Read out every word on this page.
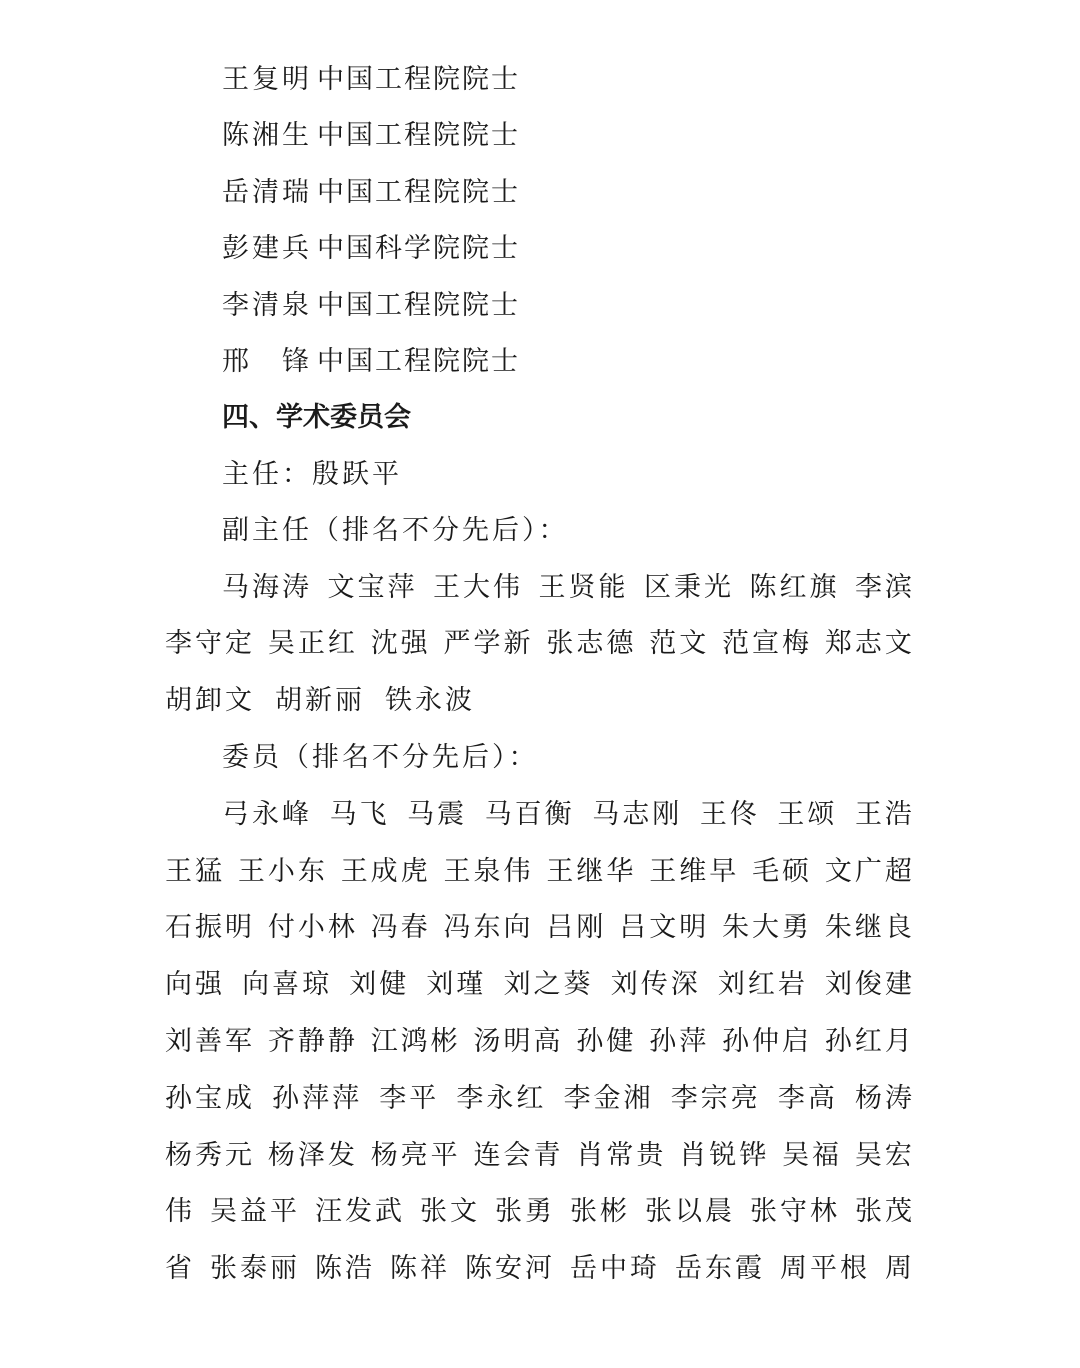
王复明 中国工程院院士
陈湘生 中国工程院院士
岳清瑞 中国工程院院士
彭建兵 中国科学院院士
李清泉 中国工程院院士
邢　锋 中国工程院院士
四、学术委员会
主任：殷跃平
副主任（排名不分先后）：
马海涛 文宝萍 王大伟 王贤能 区秉光 陈红旗 李滨
李守定 吴正红 沈强 严学新 张志德 范文 范宣梅 郑志文
胡卸文 胡新丽 铁永波
委员（排名不分先后）：
弓永峰 马飞 马震 马百衡 马志刚 王佟 王颂 王浩
王猛 王小东 王成虎 王泉伟 王继华 王维早 毛硕 文广超
石振明 付小林 冯春 冯东向 吕刚 吕文明 朱大勇 朱继良
向强 向喜琼 刘健 刘瑾 刘之葵 刘传深 刘红岩 刘俊建
刘善军 齐静静 江鸿彬 汤明高 孙健 孙萍 孙仲启 孙红月
孙宝成 孙萍萍 李平 李永红 李金湘 李宗亮 李高 杨涛
杨秀元 杨泽发 杨亮平 连会青 肖常贵 肖锐铧 吴福 吴宏
伟 吴益平 汪发武 张文 张勇 张彬 张以晨 张守林 张茂
省 张泰丽 陈浩 陈祥 陈安河 岳中琦 岳东霞 周平根 周
